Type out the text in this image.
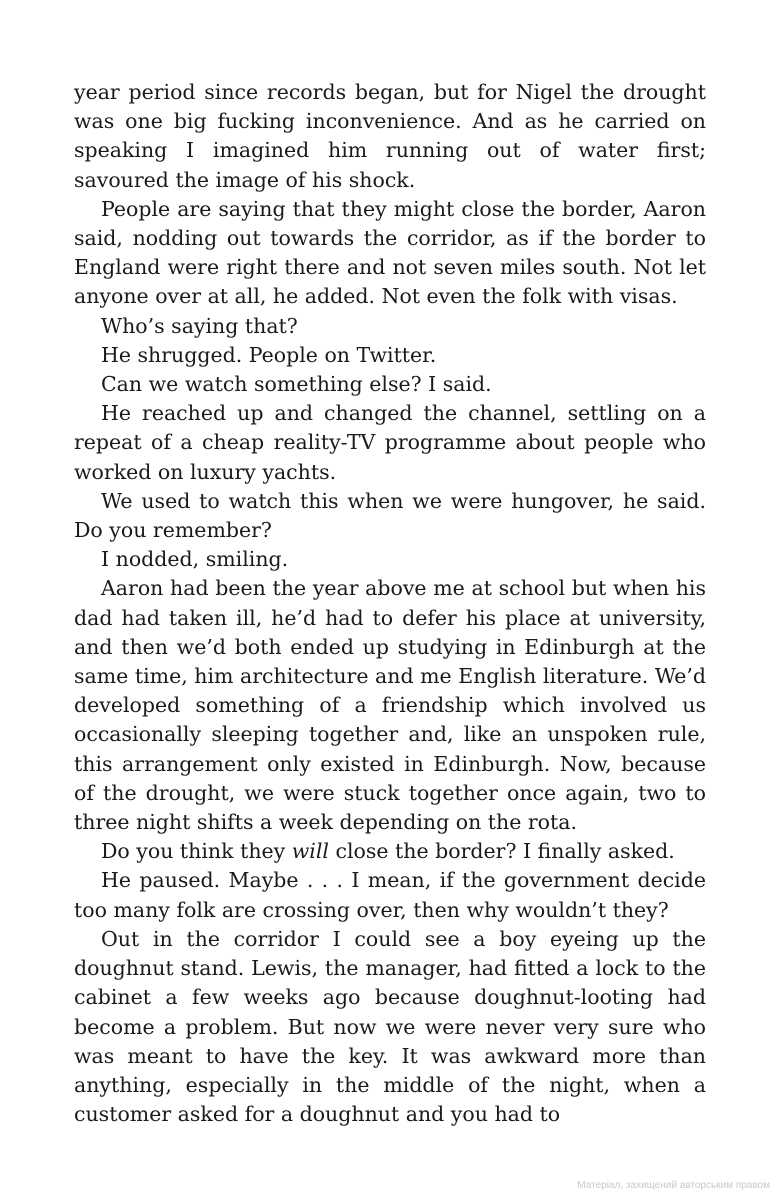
year period since records began, but for Nigel the drought was one big fucking inconvenience. And as he carried on speaking I imagined him running out of water first; savoured the image of his shock.

People are saying that they might close the border, Aaron said, nodding out towards the corridor, as if the border to England were right there and not seven miles south. Not let anyone over at all, he added. Not even the folk with visas.

Who’s saying that?

He shrugged. People on Twitter.

Can we watch something else? I said.

He reached up and changed the channel, settling on a repeat of a cheap reality-TV programme about people who worked on luxury yachts.

We used to watch this when we were hungover, he said. Do you remember?

I nodded, smiling.

Aaron had been the year above me at school but when his dad had taken ill, he’d had to defer his place at university, and then we’d both ended up studying in Edinburgh at the same time, him architecture and me English literature. We’d developed something of a friendship which involved us occasionally sleeping together and, like an unspoken rule, this arrangement only existed in Edinburgh. Now, because of the drought, we were stuck together once again, two to three night shifts a week depending on the rota.

Do you think they will close the border? I finally asked.

He paused. Maybe . . . I mean, if the government decide too many folk are crossing over, then why wouldn’t they?

Out in the corridor I could see a boy eyeing up the doughnut stand. Lewis, the manager, had fitted a lock to the cabinet a few weeks ago because doughnut-looting had become a problem. But now we were never very sure who was meant to have the key. It was awkward more than anything, especially in the middle of the night, when a customer asked for a doughnut and you had to

Матеріал, захищений авторським правом
